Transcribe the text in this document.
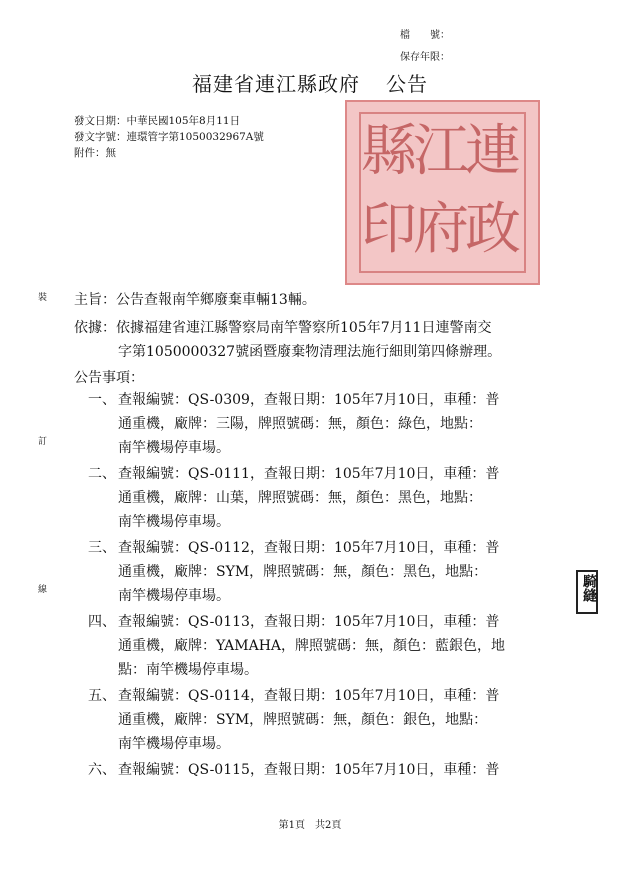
檔　　號：
保存年限：
福建省連江縣政府 公告
發文日期：中華民國105年8月11日
發文字號：連環管字第1050032967A號
附件：無	連
江
縣
政
府
印
裝
訂
線
主旨：公告查報南竿鄉廢棄車輛13輛。
依據：依據福建省連江縣警察局南竿警察所105年7月11日連警南交
字第1050000327號函暨廢棄物清理法施行細則第四條辦理。
公告事項：
一、 查報編號：QS-0309，查報日期：105年7月10日，車種：普
通重機，廠牌：三陽，牌照號碼：無，顏色：綠色，地點：
南竿機場停車場。
二、 查報編號：QS-0111，查報日期：105年7月10日，車種：普
通重機，廠牌：山葉，牌照號碼：無，顏色：黑色，地點：
南竿機場停車場。
三、 查報編號：QS-0112，查報日期：105年7月10日，車種：普
通重機，廠牌：SYM，牌照號碼：無，顏色：黑色，地點：
南竿機場停車場。
四、 查報編號：QS-0113，查報日期：105年7月10日，車種：普
通重機，廠牌：YAMAHA，牌照號碼：無，顏色：藍銀色，地
點：南竿機場停車場。
五、 查報編號：QS-0114，查報日期：105年7月10日，車種：普
通重機，廠牌：SYM，牌照號碼：無，顏色：銀色，地點：
南竿機場停車場。
六、 查報編號：QS-0115，查報日期：105年7月10日，車種：普
騎縫
第1頁　共2頁
